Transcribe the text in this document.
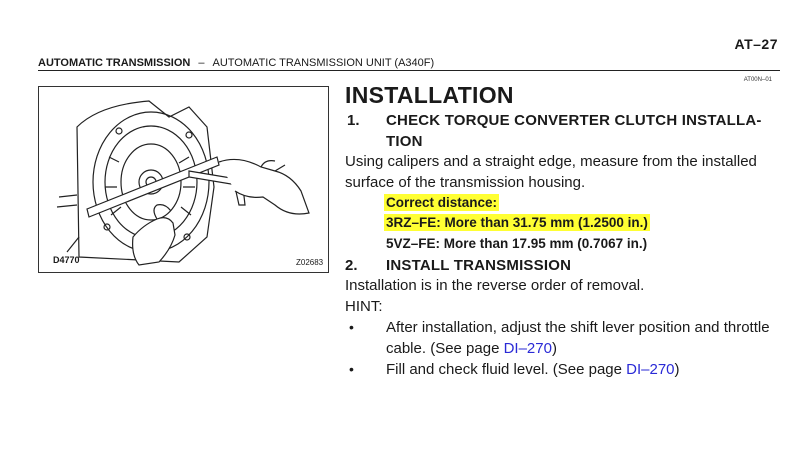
AT–27
AUTOMATIC TRANSMISSION – AUTOMATIC TRANSMISSION UNIT (A340F)
AT00N–01
D4770	Z02683
INSTALLATION
1. CHECK TORQUE CONVERTER CLUTCH INSTALLA-
TION
Using calipers and a straight edge, measure from the installed
surface of the transmission housing.
Correct distance:
3RZ–FE: More than 31.75 mm (1.2500 in.)
5VZ–FE: More than 17.95 mm (0.7067 in.)
2. INSTALL TRANSMISSION
Installation is in the reverse order of removal.
HINT:
• After installation, adjust the shift lever position and throttle
cable. (See page DI–270)
• Fill and check fluid level. (See page DI–270)
